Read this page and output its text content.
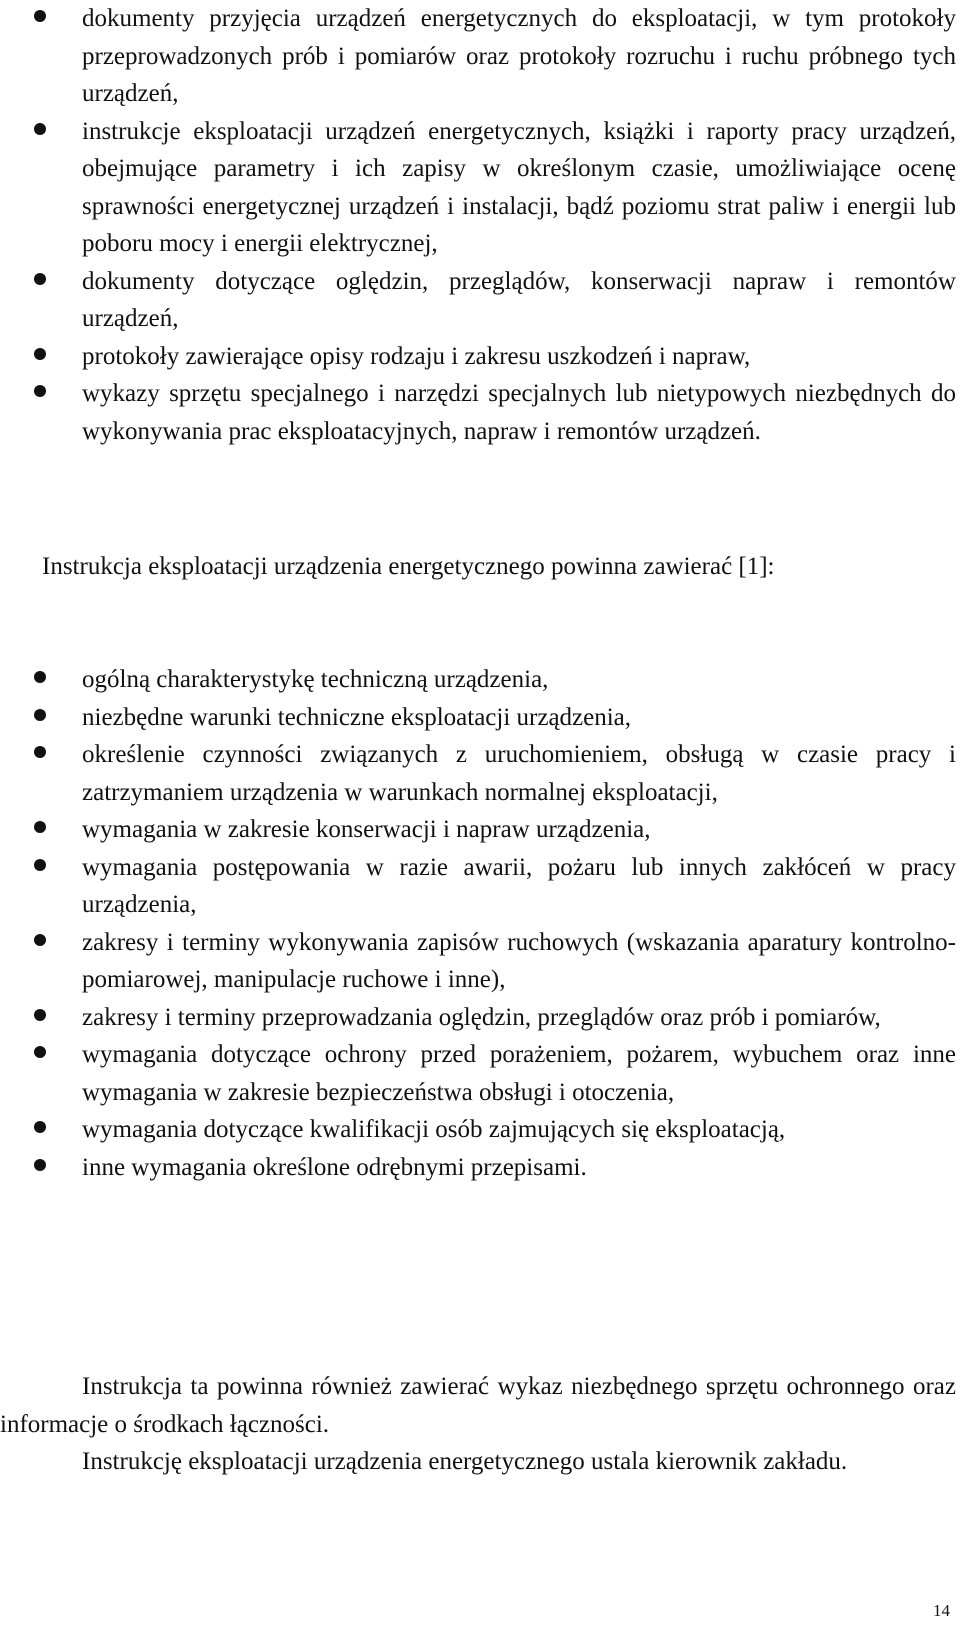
dokumenty przyjęcia urządzeń energetycznych do eksploatacji, w tym protokoły przeprowadzonych prób i pomiarów oraz protokoły rozruchu i ruchu próbnego tych urządzeń,
instrukcje eksploatacji urządzeń energetycznych, książki i raporty pracy urządzeń, obejmujące parametry i ich zapisy w określonym czasie, umożliwiające ocenę sprawności energetycznej urządzeń i instalacji, bądź poziomu strat paliw i energii lub poboru mocy i energii elektrycznej,
dokumenty dotyczące oględzin, przeglądów, konserwacji napraw i remontów urządzeń,
protokoły zawierające opisy rodzaju i zakresu uszkodzeń i napraw,
wykazy sprzętu specjalnego i narzędzi specjalnych lub nietypowych niezbędnych do wykonywania prac eksploatacyjnych, napraw i remontów urządzeń.

Instrukcja eksploatacji urządzenia energetycznego powinna zawierać [1]:

ogólną charakterystykę techniczną urządzenia,
niezbędne warunki techniczne eksploatacji urządzenia,
określenie czynności związanych z uruchomieniem, obsługą w czasie pracy i zatrzymaniem urządzenia w warunkach normalnej eksploatacji,
wymagania w zakresie konserwacji i napraw urządzenia,
wymagania postępowania w razie awarii, pożaru lub innych zakłóceń w pracy urządzenia,
zakresy i terminy wykonywania zapisów ruchowych (wskazania aparatury kontrolno-pomiarowej, manipulacje ruchowe i inne),
zakresy i terminy przeprowadzania oględzin, przeglądów oraz prób i pomiarów,
wymagania dotyczące ochrony przed porażeniem, pożarem, wybuchem oraz inne wymagania w zakresie bezpieczeństwa obsługi i otoczenia,
wymagania dotyczące kwalifikacji osób zajmujących się eksploatacją,
inne wymagania określone odrębnymi przepisami.

Instrukcja ta powinna również zawierać wykaz niezbędnego sprzętu ochronnego oraz informacje o środkach łączności.

Instrukcję eksploatacji urządzenia energetycznego ustala kierownik zakładu.

14
